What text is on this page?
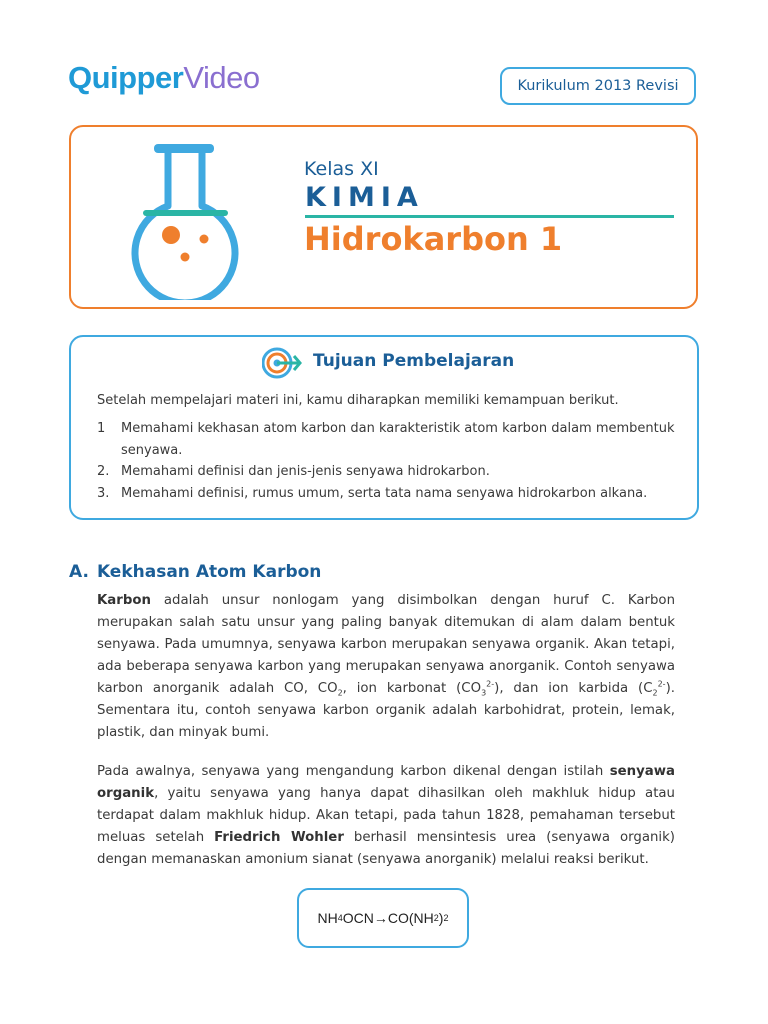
QuipperVideo	Kurikulum 2013 Revisi
Kelas XI
KIMIA
Hidrokarbon 1
Tujuan Pembelajaran
Setelah mempelajari materi ini, kamu diharapkan memiliki kemampuan berikut.
1 Memahami kekhasan atom karbon dan karakteristik atom karbon dalam membentuk senyawa.
2. Memahami definisi dan jenis-jenis senyawa hidrokarbon.
3. Memahami definisi, rumus umum, serta tata nama senyawa hidrokarbon alkana.
A. Kekhasan Atom Karbon

Karbon adalah unsur nonlogam yang disimbolkan dengan huruf C. Karbon merupakan salah satu unsur yang paling banyak ditemukan di alam dalam bentuk senyawa. Pada umumnya, senyawa karbon merupakan senyawa organik. Akan tetapi, ada beberapa senyawa karbon yang merupakan senyawa anorganik. Contoh senyawa karbon anorganik adalah CO, $CO_2$, ion karbonat $(CO_3^{2-})$, dan ion karbida $(C_2^{2-})$. Sementara itu, contoh senyawa karbon organik adalah karbohidrat, protein, lemak, plastik, dan minyak bumi.

Pada awalnya, senyawa yang mengandung karbon dikenal dengan istilah senyawa organik, yaitu senyawa yang hanya dapat dihasilkan oleh makhluk hidup atau terdapat dalam makhluk hidup. Akan tetapi, pada tahun 1828, pemahaman tersebut meluas setelah Friedrich Wohler berhasil mensintesis urea (senyawa organik) dengan memanaskan amonium sianat (senyawa anorganik) melalui reaksi berikut.

NH 4 OCN → CO(NH 2 ) 2
